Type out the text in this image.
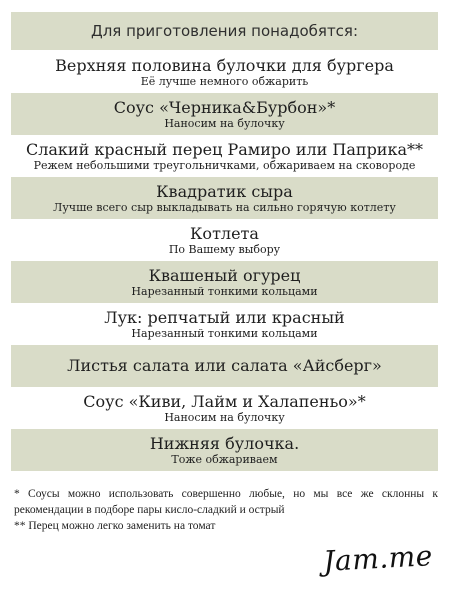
Для приготовления понадобятся:
Верхняя половина булочки для бургера
Её лучше немного обжарить
Соус «Черника&Бурбон»*
Наносим на булочку
Слакий красный перец Рамиро или Паприка**
Режем небольшими треугольничками, обжариваем на сковороде
Квадратик сыра
Лучше всего сыр выкладывать на сильно горячую котлету
Котлета
По Вашему выбору
Квашеный огурец
Нарезанный тонкими кольцами
Лук: репчатый или красный
Нарезанный тонкими кольцами
Листья салата или салата «Айсберг»
Соус «Киви, Лайм и Халапеньо»*
Наносим на булочку
Нижняя булочка.
Тоже обжариваем

* Соусы можно использовать совершенно любые, но мы все же склонны к рекомендации в подборе пары кисло-сладкий и острый

** Перец можно легко заменить на томат

Jam.me
